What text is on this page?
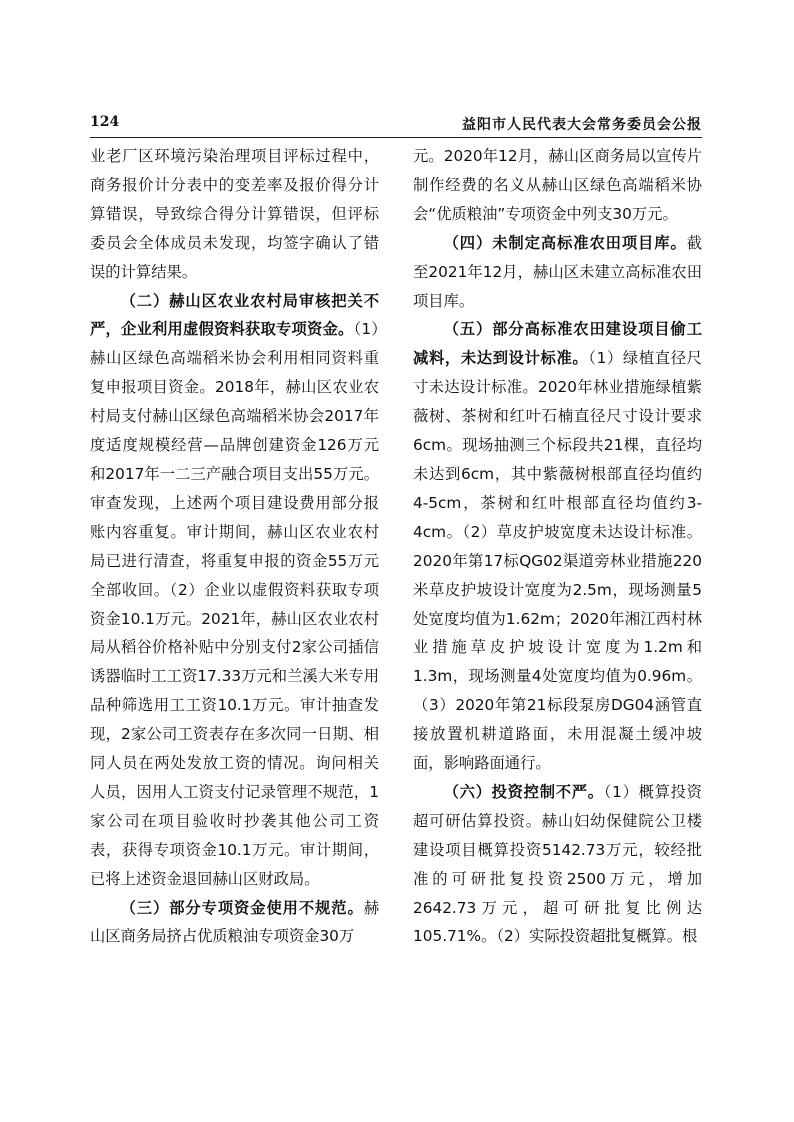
124	益阳市人民代表大会常务委员会公报

业老厂区环境污染治理项目评标过程中，商务报价计分表中的变差率及报价得分计算错误，导致综合得分计算错误，但评标委员会全体成员未发现，均签字确认了错误的计算结果。

（二）赫山区农业农村局审核把关不严，企业利用虚假资料获取专项资金。（1）赫山区绿色高端稻米协会利用相同资料重复申报项目资金。2018年，赫山区农业农村局支付赫山区绿色高端稻米协会2017年度适度规模经营—品牌创建资金126万元和2017年一二三产融合项目支出55万元。审查发现，上述两个项目建设费用部分报账内容重复。审计期间，赫山区农业农村局已进行清查，将重复申报的资金55万元全部收回。（2）企业以虚假资料获取专项资金10.1万元。2021年，赫山区农业农村局从稻谷价格补贴中分别支付2家公司插信诱器临时工工资17.33万元和兰溪大米专用品种筛选用工工资10.1万元。审计抽查发现，2家公司工资表存在多次同一日期、相同人员在两处发放工资的情况。询问相关人员，因用人工资支付记录管理不规范，1家公司在项目验收时抄袭其他公司工资表，获得专项资金10.1万元。审计期间，已将上述资金退回赫山区财政局。

（三）部分专项资金使用不规范。赫山区商务局挤占优质粮油专项资金30万

元。2020年12月，赫山区商务局以宣传片制作经费的名义从赫山区绿色高端稻米协会“优质粮油”专项资金中列支30万元。

（四）未制定高标准农田项目库。截至2021年12月，赫山区未建立高标准农田项目库。

（五）部分高标准农田建设项目偷工减料，未达到设计标准。（1）绿植直径尺寸未达设计标准。2020年林业措施绿植紫薇树、茶树和红叶石楠直径尺寸设计要求6cm。现场抽测三个标段共21棵，直径均未达到6cm，其中紫薇树根部直径均值约4-5cm，茶树和红叶根部直径均值约3-4cm。（2）草皮护坡宽度未达设计标准。2020年第17标QG02渠道旁林业措施220米草皮护坡设计宽度为2.5m，现场测量5处宽度均值为1.62m；2020年湘江西村林业措施草皮护坡设计宽度为1.2m和1.3m，现场测量4处宽度均值为0.96m。（3）2020年第21标段泵房DG04涵管直接放置机耕道路面，未用混凝土缓冲坡面，影响路面通行。

（六）投资控制不严。（1）概算投资超可研估算投资。赫山妇幼保健院公卫楼建设项目概算投资5142.73万元，较经批准的可研批复投资2500万元，增加2642.73万元，超可研批复比例达105.71%。（2）实际投资超批复概算。根
